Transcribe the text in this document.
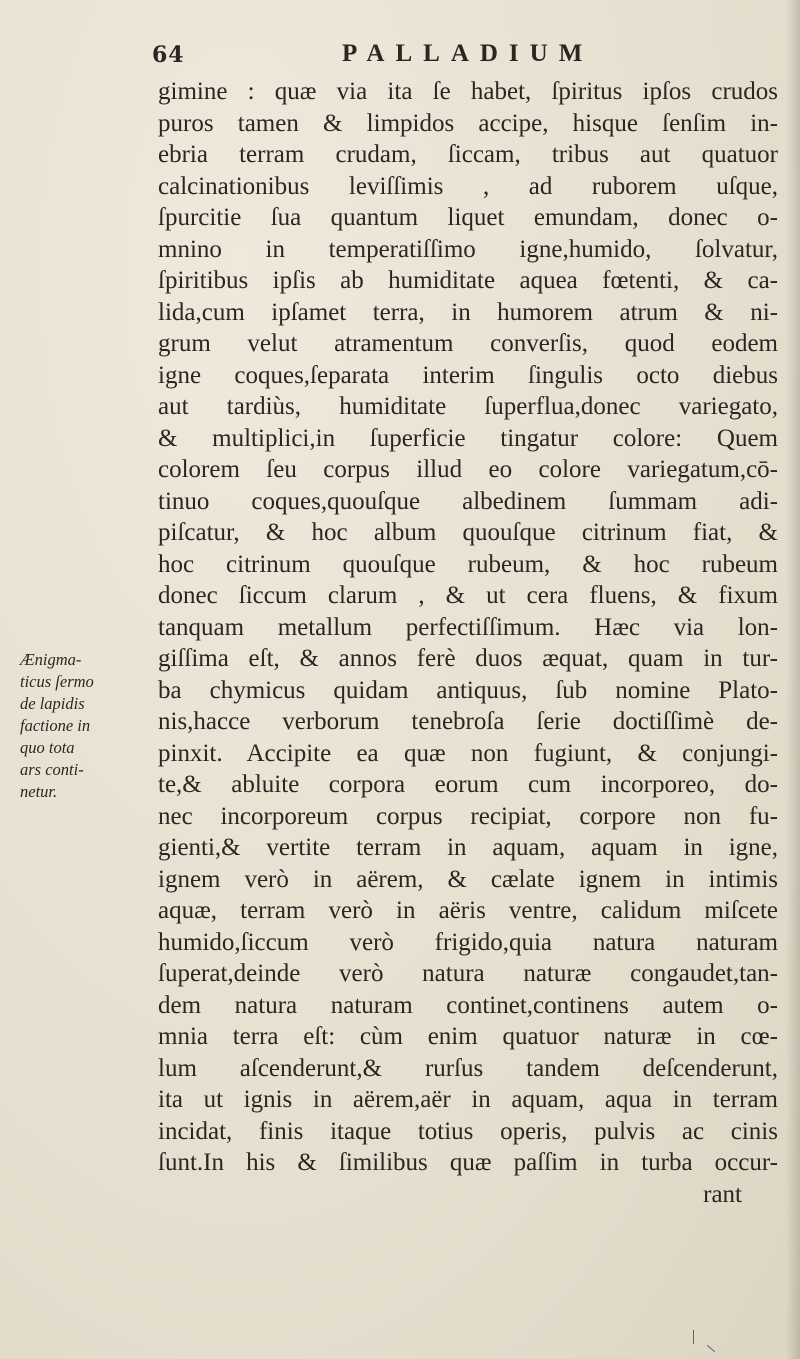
64	PALLADIUM
Ænigma-
ticus ſermo
de lapidis
factione in
quo tota
ars conti-
netur.
gimine : quæ via ita ſe habet, ſpiritus ipſos crudos
puros tamen & limpidos accipe, hisque ſenſim in-
ebria terram crudam, ſiccam, tribus aut quatuor
calcinationibus leviſſimis , ad ruborem uſque,
ſpurcitie ſua quantum liquet emundam, donec o-
mnino in temperatiſſimo igne,humido, ſolvatur,
ſpiritibus ipſis ab humiditate aquea fœtenti, & ca-
lida,cum ipſamet terra, in humorem atrum & ni-
grum velut atramentum converſis, quod eodem
igne coques,ſeparata interim ſingulis octo diebus
aut tardiùs, humiditate ſuperflua,donec variegato,
& multiplici,in ſuperficie tingatur colore: Quem
colorem ſeu corpus illud eo colore variegatum,cō-
tinuo coques,quouſque albedinem ſummam adi-
piſcatur, & hoc album quouſque citrinum fiat, &
hoc citrinum quouſque rubeum, & hoc rubeum
donec ſiccum clarum , & ut cera fluens, & fixum
tanquam metallum perfectiſſimum. Hæc via lon-
giſſima eſt, & annos ferè duos æquat, quam in tur-
ba chymicus quidam antiquus, ſub nomine Plato-
nis,hacce verborum tenebroſa ſerie doctiſſimè de-
pinxit. Accipite ea quæ non fugiunt, & conjungi-
te,& abluite corpora eorum cum incorporeo, do-
nec incorporeum corpus recipiat, corpore non fu-
gienti,& vertite terram in aquam, aquam in igne,
ignem verò in aërem, & cælate ignem in intimis
aquæ, terram verò in aëris ventre, calidum miſcete
humido,ſiccum verò frigido,quia natura naturam
ſuperat,deinde verò natura naturæ congaudet,tan-
dem natura naturam continet,continens autem o-
mnia terra eſt: cùm enim quatuor naturæ in cœ-
lum aſcenderunt,& rurſus tandem deſcenderunt,
ita ut ignis in aërem,aër in aquam, aqua in terram
incidat, finis itaque totius operis, pulvis ac cinis
ſunt.In his & ſimilibus quæ paſſim in turba occur-
rant
